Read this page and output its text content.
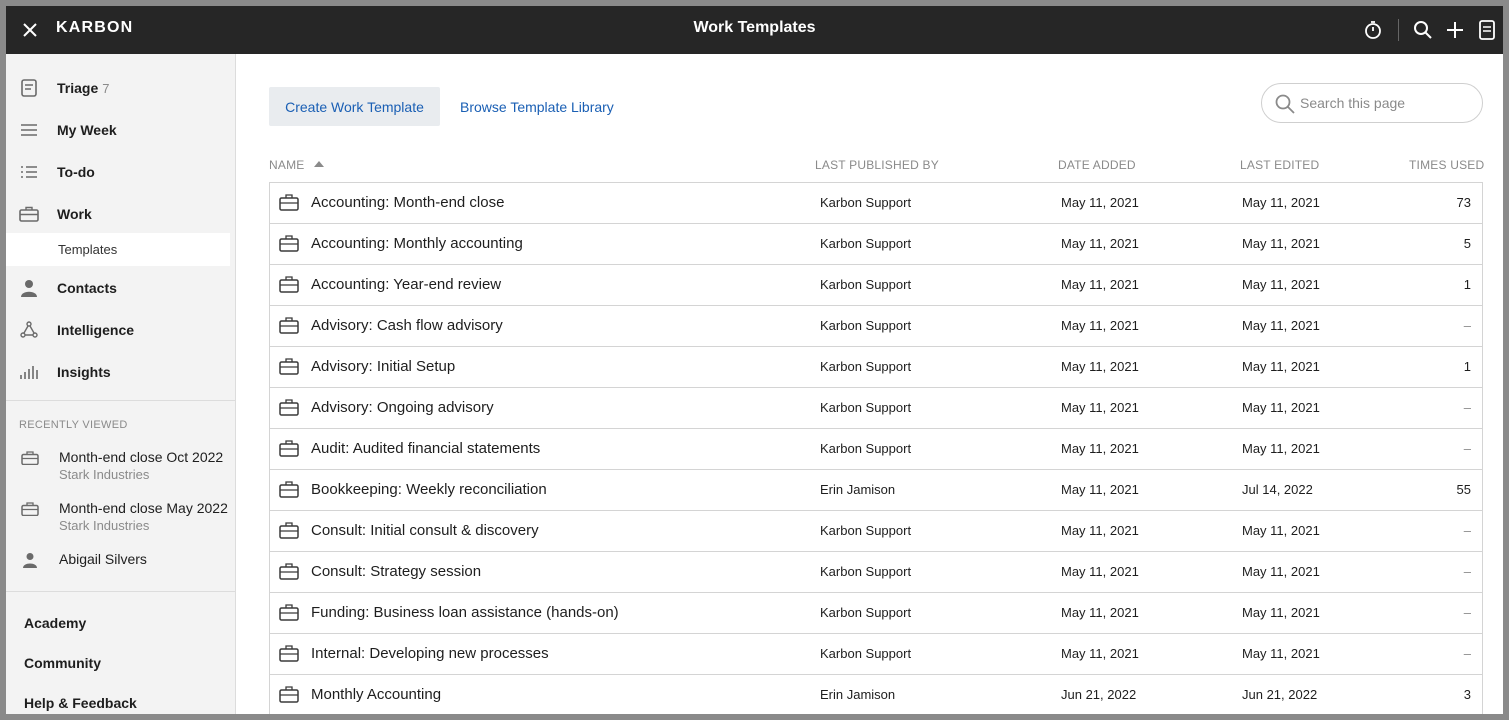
KARBON	Work Templates
Triage 7
My Week
To-do
Work
Templates
Contacts
Intelligence
Insights
RECENTLY VIEWED
Month-end close Oct 2022
Stark Industries
Month-end close May 2022
Stark Industries
Abigail Silvers
Academy
Community
Help & Feedback
Create Work Template	Browse Template Library
Search this page
NAME	LAST PUBLISHED BY	DATE ADDED	LAST EDITED	TIMES USED
Accounting: Month-end close	Karbon Support	May 11, 2021	May 11, 2021	73
Accounting: Monthly accounting	Karbon Support	May 11, 2021	May 11, 2021	5
Accounting: Year-end review	Karbon Support	May 11, 2021	May 11, 2021	1
Advisory: Cash flow advisory	Karbon Support	May 11, 2021	May 11, 2021	–
Advisory: Initial Setup	Karbon Support	May 11, 2021	May 11, 2021	1
Advisory: Ongoing advisory	Karbon Support	May 11, 2021	May 11, 2021	–
Audit: Audited financial statements	Karbon Support	May 11, 2021	May 11, 2021	–
Bookkeeping: Weekly reconciliation	Erin Jamison	May 11, 2021	Jul 14, 2022	55
Consult: Initial consult & discovery	Karbon Support	May 11, 2021	May 11, 2021	–
Consult: Strategy session	Karbon Support	May 11, 2021	May 11, 2021	–
Funding: Business loan assistance (hands-on)	Karbon Support	May 11, 2021	May 11, 2021	–
Internal: Developing new processes	Karbon Support	May 11, 2021	May 11, 2021	–
Monthly Accounting	Erin Jamison	Jun 21, 2022	Jun 21, 2022	3
